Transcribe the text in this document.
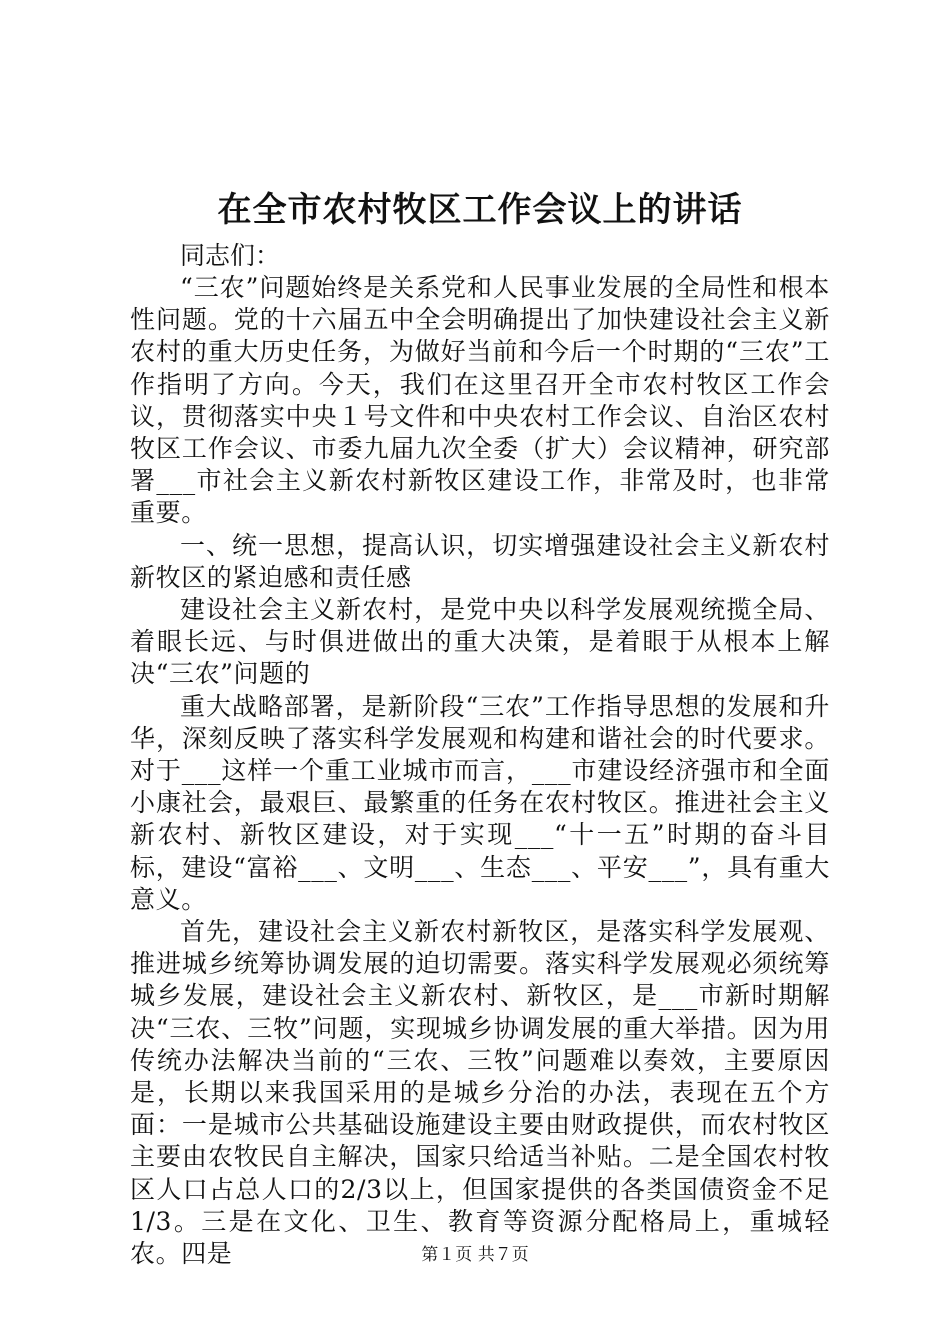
在全市农村牧区工作会议上的讲话

同志们：

“三农”问题始终是关系党和人民事业发展的全局性和根本性问题。党的十六届五中全会明确提出了加快建设社会主义新农村的重大历史任务，为做好当前和今后一个时期的“三农”工作指明了方向。今天，我们在这里召开全市农村牧区工作会议，贯彻落实中央１号文件和中央农村工作会议、自治区农村牧区工作会议、市委九届九次全委（扩大）会议精神，研究部署___市社会主义新农村新牧区建设工作，非常及时，也非常重要。

一、统一思想，提高认识，切实增强建设社会主义新农村新牧区的紧迫感和责任感

建设社会主义新农村，是党中央以科学发展观统揽全局、着眼长远、与时俱进做出的重大决策，是着眼于从根本上解决“三农”问题的

重大战略部署，是新阶段“三农”工作指导思想的发展和升华，深刻反映了落实科学发展观和构建和谐社会的时代要求。对于___这样一个重工业城市而言，___市建设经济强市和全面小康社会，最艰巨、最繁重的任务在农村牧区。推进社会主义新农村、新牧区建设，对于实现___“十一五”时期的奋斗目标，建设“富裕___、文明___、生态___、平安___”，具有重大意义。

首先，建设社会主义新农村新牧区，是落实科学发展观、推进城乡统筹协调发展的迫切需要。落实科学发展观必须统筹城乡发展，建设社会主义新农村、新牧区，是___市新时期解决“三农、三牧”问题，实现城乡协调发展的重大举措。因为用传统办法解决当前的“三农、三牧”问题难以奏效，主要原因是，长期以来我国采用的是城乡分治的办法，表现在五个方面：一是城市公共基础设施建设主要由财政提供，而农村牧区主要由农牧民自主解决，国家只给适当补贴。二是全国农村牧区人口占总人口的2/3以上，但国家提供的各类国债资金不足1/3。三是在文化、卫生、教育等资源分配格局上，重城轻农。四是	第１页 共７页
